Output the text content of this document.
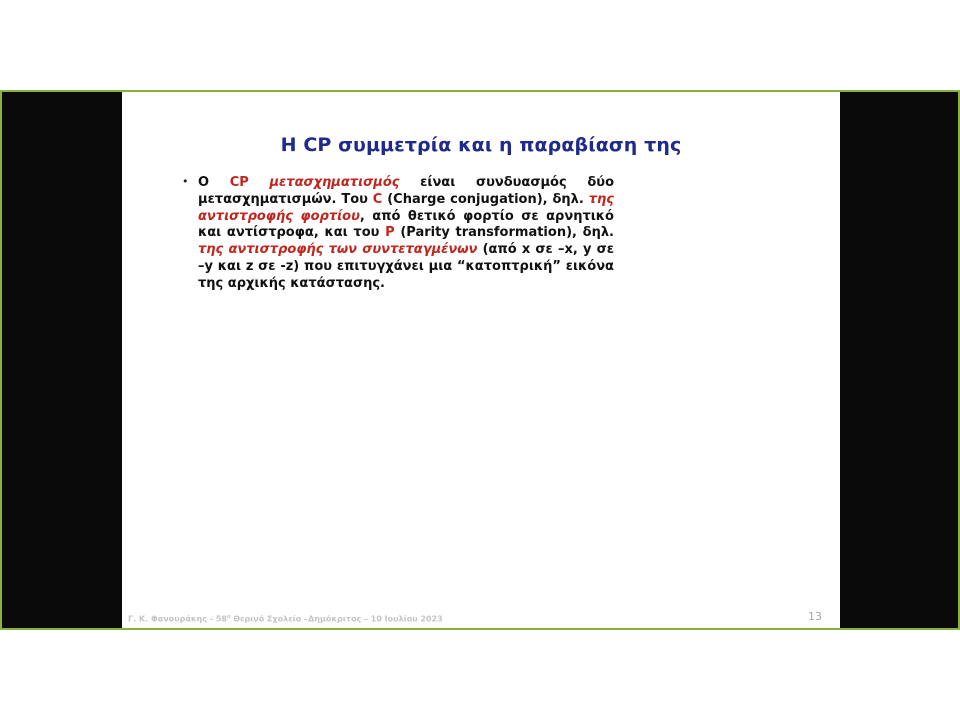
Η CP συμμετρία και η παραβίαση της
• Ο CP μετασχηματισμός είναι συνδυασμός δύο μετασχηματισμών. Του C (Charge conjugation), δηλ. της αντιστροφής φορτίου, από θετικό φορτίο σε αρνητικό και αντίστροφα, και του P (Parity transformation), δηλ. της αντιστροφής των συντεταγμένων (από x σε –x, y σε –y και z σε -z) που επιτυγχάνει μια “κατοπτρική” εικόνα της αρχικής κατάστασης.
Γ. Κ. Φανουράκης - $58^o$ Θερινό Σχολείο –Δημόκριτος – 10 Ιουλίου 2023	13
